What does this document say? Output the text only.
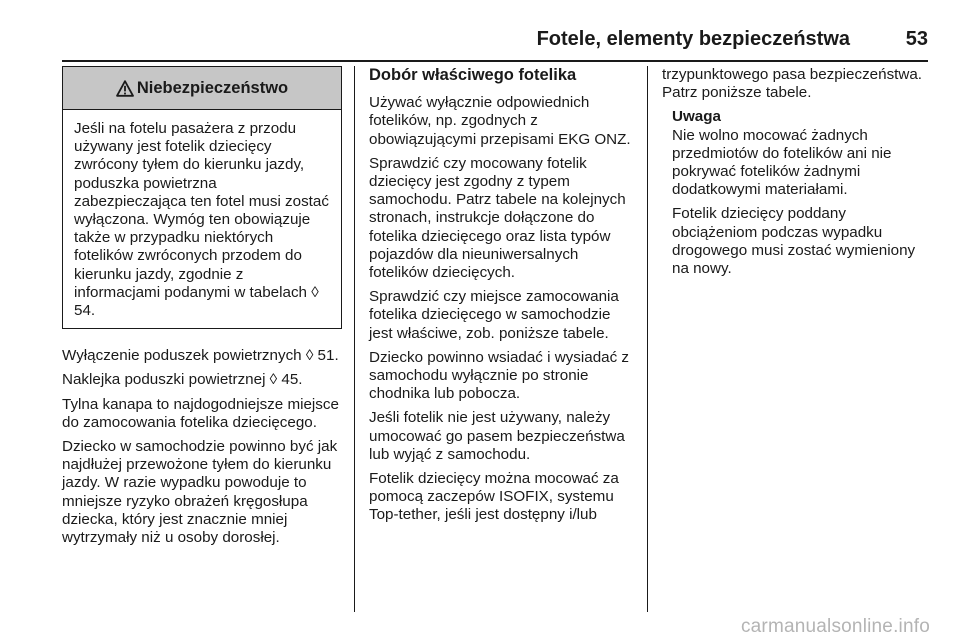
Fotele, elementy bezpieczeństwa	53
Niebezpieczeństwo
Jeśli na fotelu pasażera z przodu używany jest fotelik dziecięcy zwrócony tyłem do kierunku jazdy, poduszka powietrzna zabezpieczająca ten fotel musi zostać wyłączona. Wymóg ten obowiązuje także w przypadku niektórych fotelików zwróconych przodem do kierunku jazdy, zgodnie z informacjami podanymi w tabelach ◊ 54.

Wyłączenie poduszek powietrznych ◊ 51.

Naklejka poduszki powietrznej ◊ 45.

Tylna kanapa to najdogodniejsze miejsce do zamocowania fotelika dziecięcego.

Dziecko w samochodzie powinno być jak najdłużej przewożone tyłem do kierunku jazdy. W razie wypadku powoduje to mniejsze ryzyko obrażeń kręgosłupa dziecka, który jest znacznie mniej wytrzymały niż u osoby dorosłej.

Dobór właściwego fotelika

Używać wyłącznie odpowiednich fotelików, np. zgodnych z obowiązującymi przepisami EKG ONZ.

Sprawdzić czy mocowany fotelik dziecięcy jest zgodny z typem samochodu. Patrz tabele na kolejnych stronach, instrukcje dołączone do fotelika dziecięcego oraz lista typów pojazdów dla nieuniwersalnych fotelików dziecięcych.

Sprawdzić czy miejsce zamocowania fotelika dziecięcego w samochodzie jest właściwe, zob. poniższe tabele.

Dziecko powinno wsiadać i wysiadać z samochodu wyłącznie po stronie chodnika lub pobocza.

Jeśli fotelik nie jest używany, należy umocować go pasem bezpieczeństwa lub wyjąć z samochodu.

Fotelik dziecięcy można mocować za pomocą zaczepów ISOFIX, systemu Top-tether, jeśli jest dostępny i/lub

trzypunktowego pasa bezpieczeństwa. Patrz poniższe tabele.

Uwaga

Nie wolno mocować żadnych przedmiotów do fotelików ani nie pokrywać fotelików żadnymi dodatkowymi materiałami.

Fotelik dziecięcy poddany obciążeniom podczas wypadku drogowego musi zostać wymieniony na nowy.

carmanualsonline.info
